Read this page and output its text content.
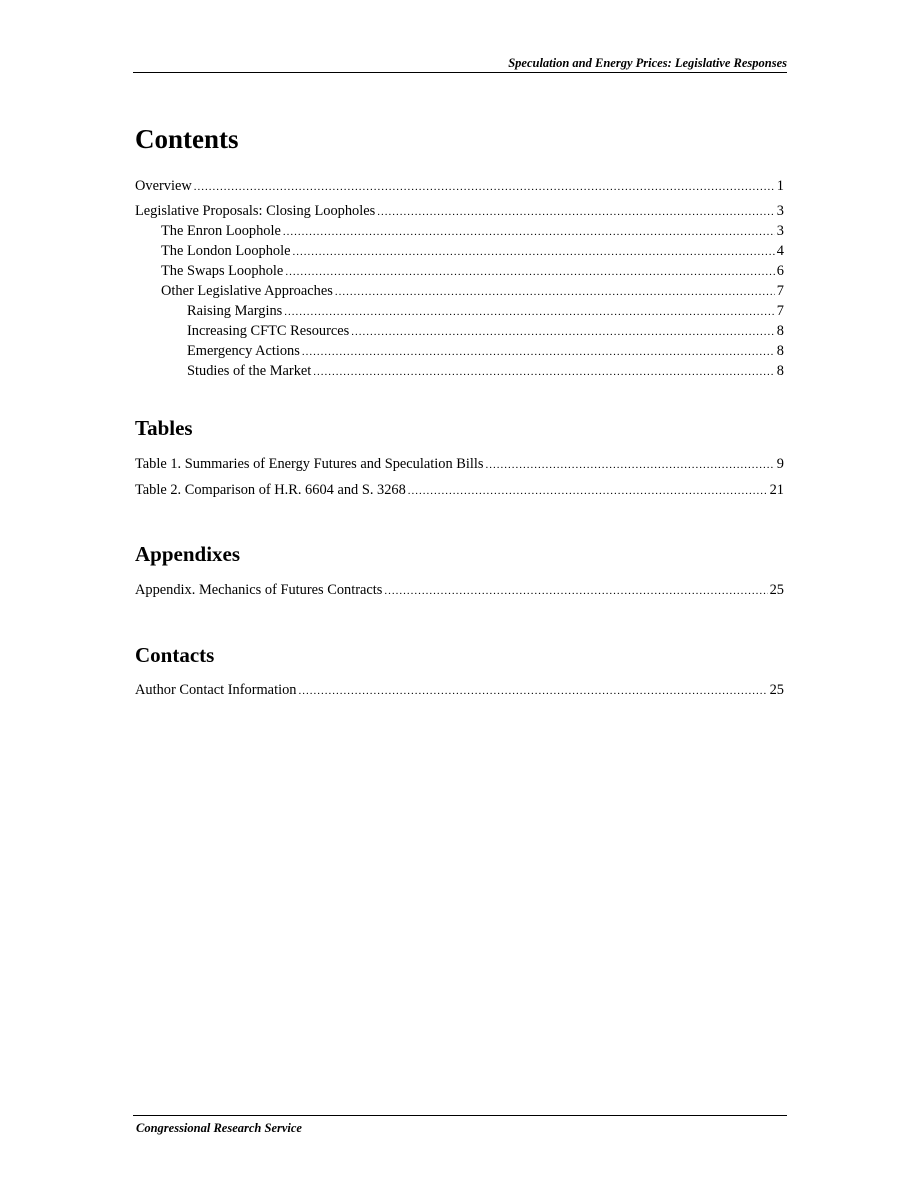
Speculation and Energy Prices: Legislative Responses
Contents
Overview .....	1
Legislative Proposals: Closing Loopholes .....	3
The Enron Loophole .....	3
The London Loophole .....	4
The Swaps Loophole .....	6
Other Legislative Approaches .....	7
Raising Margins .....	7
Increasing CFTC Resources .....	8
Emergency Actions .....	8
Studies of the Market .....	8
Tables
Table 1. Summaries of Energy Futures and Speculation Bills .....	9
Table 2. Comparison of H.R. 6604 and S. 3268 .....	21
Appendixes
Appendix. Mechanics of Futures Contracts .....	25
Contacts
Author Contact Information .....	25
Congressional Research Service
